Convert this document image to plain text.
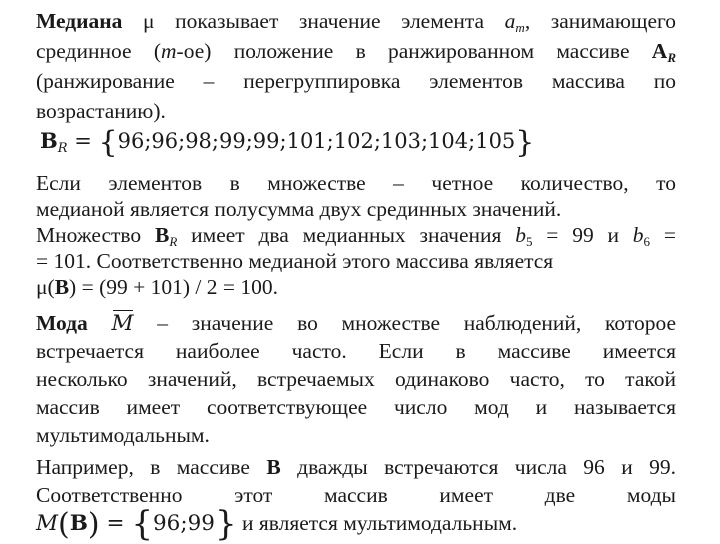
Медиана μ показывает значение элемента $a_m$, занимающего
срединное (m-ое) положение в ранжированном массиве $A_R$
(ранжирование – перегруппировка элементов массива по
возрастанию).
$B_R$ = {96;96;98;99;99;101;102;103;104;105}
Если элементов в множестве – четное количество, то
медианой является полусумма двух срединных значений.
Множество $B_R$ имеет два медианных значения b5 = 99 и b6 =
= 101. Соответственно медианой этого массива является
μ(B) = (99 + 101) / 2 = 100.
Мода M – значение во множестве наблюдений, которое
встречается наиболее часто. Если в массиве имеется
несколько значений, встречаемых одинаково часто, то такой
массив имеет соответствующее число мод и называется
мультимодальным.
Например, в массиве B дважды встречаются числа 96 и 99.
Соответственно этот массив имеет две моды
M(B) = {96;99} и является мультимодальным.
